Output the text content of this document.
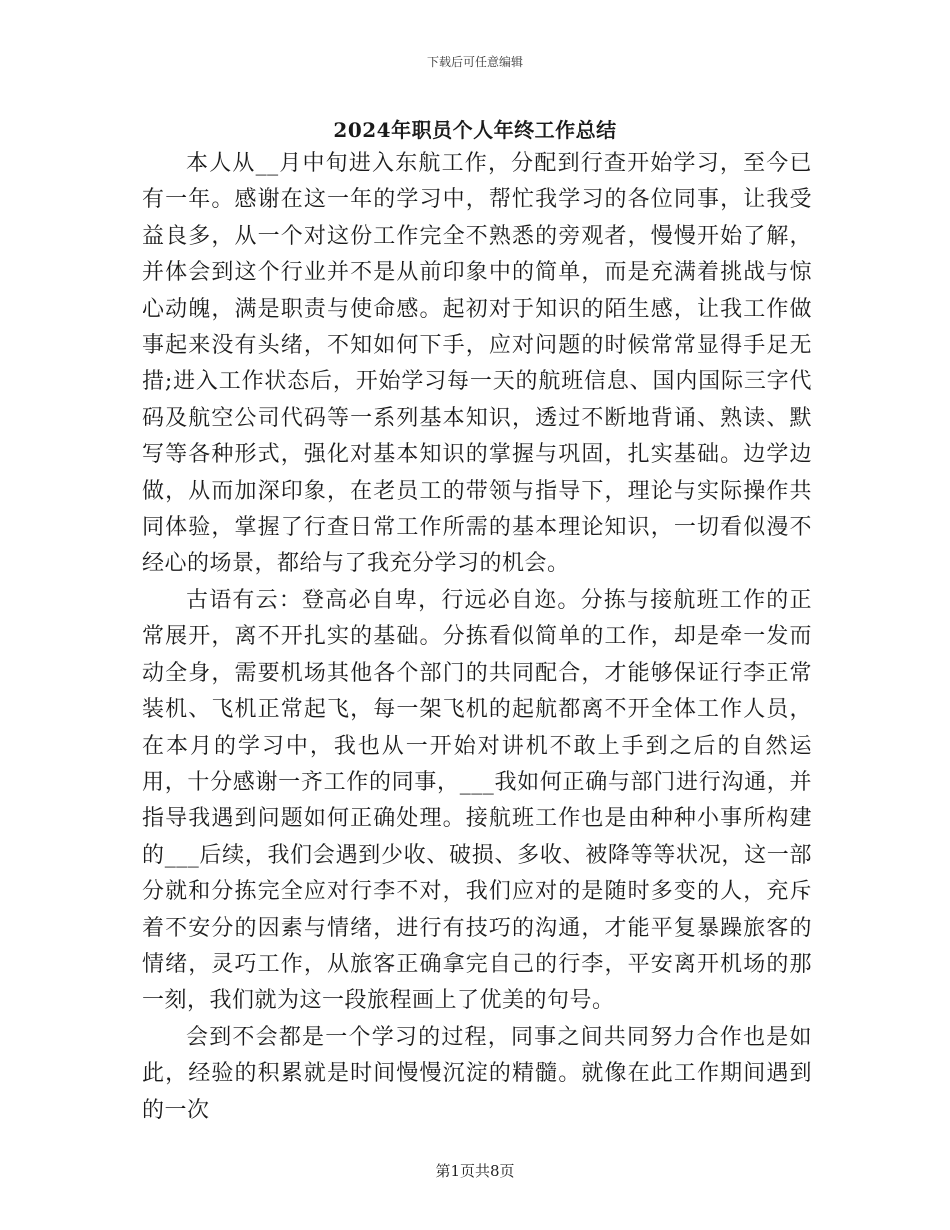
下载后可任意编辑
2024年职员个人年终工作总结

本人从__月中旬进入东航工作，分配到行查开始学习，至今已有一年。感谢在这一年的学习中，帮忙我学习的各位同事，让我受益良多，从一个对这份工作完全不熟悉的旁观者，慢慢开始了解，并体会到这个行业并不是从前印象中的简单，而是充满着挑战与惊心动魄，满是职责与使命感。起初对于知识的陌生感，让我工作做事起来没有头绪，不知如何下手，应对问题的时候常常显得手足无措;进入工作状态后，开始学习每一天的航班信息、国内国际三字代码及航空公司代码等一系列基本知识，透过不断地背诵、熟读、默写等各种形式，强化对基本知识的掌握与巩固，扎实基础。边学边做，从而加深印象，在老员工的带领与指导下，理论与实际操作共同体验，掌握了行查日常工作所需的基本理论知识，一切看似漫不经心的场景，都给与了我充分学习的机会。

古语有云：登高必自卑，行远必自迩。分拣与接航班工作的正常展开，离不开扎实的基础。分拣看似简单的工作，却是牵一发而动全身，需要机场其他各个部门的共同配合，才能够保证行李正常装机、飞机正常起飞，每一架飞机的起航都离不开全体工作人员，在本月的学习中，我也从一开始对讲机不敢上手到之后的自然运用，十分感谢一齐工作的同事，___我如何正确与部门进行沟通，并指导我遇到问题如何正确处理。接航班工作也是由种种小事所构建的___后续，我们会遇到少收、破损、多收、被降等等状况，这一部分就和分拣完全应对行李不对，我们应对的是随时多变的人，充斥着不安分的因素与情绪，进行有技巧的沟通，才能平复暴躁旅客的情绪，灵巧工作，从旅客正确拿完自己的行李，平安离开机场的那一刻，我们就为这一段旅程画上了优美的句号。

会到不会都是一个学习的过程，同事之间共同努力合作也是如此，经验的积累就是时间慢慢沉淀的精髓。就像在此工作期间遇到的一次

第1页共8页
